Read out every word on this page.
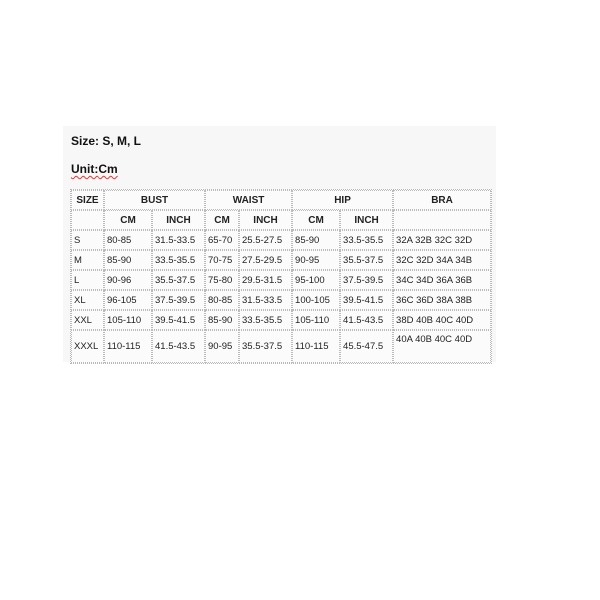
Size: S, M, L
Unit:Cm
SIZE	BUST		WAIST		HIP		BRA
	CM	INCH	CM	INCH	CM	INCH	
S	80-85	31.5-33.5	65-70	25.5-27.5	85-90	33.5-35.5	32A 32B 32C 32D
M	85-90	33.5-35.5	70-75	27.5-29.5	90-95	35.5-37.5	32C 32D 34A 34B
L	90-96	35.5-37.5	75-80	29.5-31.5	95-100	37.5-39.5	34C 34D 36A 36B
XL	96-105	37.5-39.5	80-85	31.5-33.5	100-105	39.5-41.5	36C 36D 38A 38B
XXL	105-110	39.5-41.5	85-90	33.5-35.5	105-110	41.5-43.5	38D 40B 40C 40D
XXXL	110-115	41.5-43.5	90-95	35.5-37.5	110-115	45.5-47.5	40A 40B 40C 40D
